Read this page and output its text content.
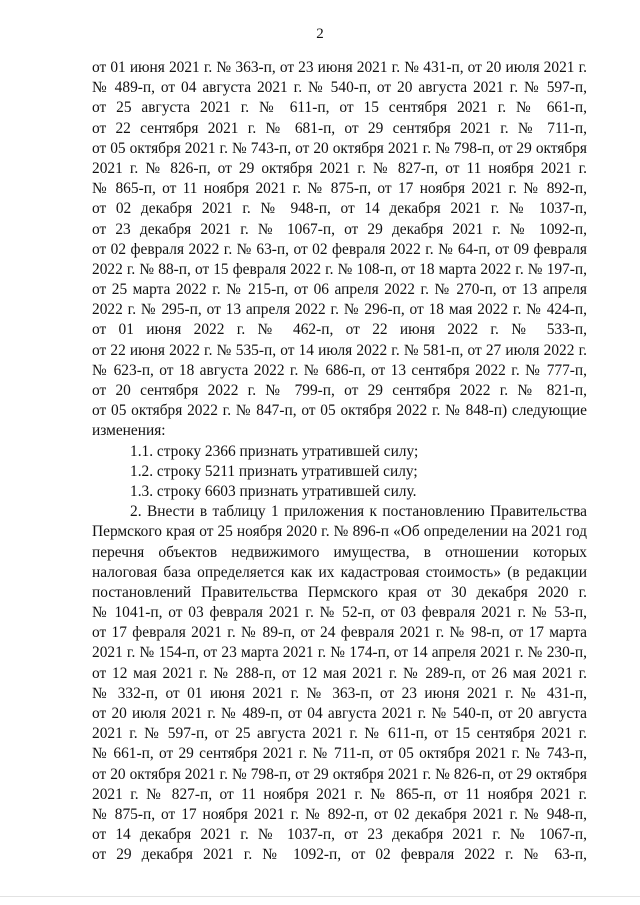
2
от 01 июня 2021 г. № 363-п, от 23 июня 2021 г. № 431-п, от 20 июля 2021 г.
№ 489-п, от 04 августа 2021 г. № 540-п, от 20 августа 2021 г. № 597-п,
от 25 августа 2021 г. № 611-п, от 15 сентября 2021 г. № 661-п,
от 22 сентября 2021 г. № 681-п, от 29 сентября 2021 г. № 711-п,
от 05 октября 2021 г. № 743-п, от 20 октября 2021 г. № 798-п, от 29 октября
2021 г. № 826-п, от 29 октября 2021 г. № 827-п, от 11 ноября 2021 г.
№ 865-п, от 11 ноября 2021 г. № 875-п, от 17 ноября 2021 г. № 892-п,
от 02 декабря 2021 г. № 948-п, от 14 декабря 2021 г. № 1037-п,
от 23 декабря 2021 г. № 1067-п, от 29 декабря 2021 г. № 1092-п,
от 02 февраля 2022 г. № 63-п, от 02 февраля 2022 г. № 64-п, от 09 февраля
2022 г. № 88-п, от 15 февраля 2022 г. № 108-п, от 18 марта 2022 г. № 197-п,
от 25 марта 2022 г. № 215-п, от 06 апреля 2022 г. № 270-п, от 13 апреля
2022 г. № 295-п, от 13 апреля 2022 г. № 296-п, от 18 мая 2022 г. № 424-п,
от 01 июня 2022 г. № 462-п, от 22 июня 2022 г. № 533-п,
от 22 июня 2022 г. № 535-п, от 14 июля 2022 г. № 581-п, от 27 июля 2022 г.
№ 623-п, от 18 августа 2022 г. № 686-п, от 13 сентября 2022 г. № 777-п,
от 20 сентября 2022 г. № 799-п, от 29 сентября 2022 г. № 821-п,
от 05 октября 2022 г. № 847-п, от 05 октября 2022 г. № 848-п) следующие
изменения:
1.1. строку 2366 признать утратившей силу;
1.2. строку 5211 признать утратившей силу;
1.3. строку 6603 признать утратившей силу.
2. Внести в таблицу 1 приложения к постановлению Правительства
Пермского края от 25 ноября 2020 г. № 896-п «Об определении на 2021 год
перечня объектов недвижимого имущества, в отношении которых
налоговая база определяется как их кадастровая стоимость» (в редакции
постановлений Правительства Пермского края от 30 декабря 2020 г.
№ 1041-п, от 03 февраля 2021 г. № 52-п, от 03 февраля 2021 г. № 53-п,
от 17 февраля 2021 г. № 89-п, от 24 февраля 2021 г. № 98-п, от 17 марта
2021 г. № 154-п, от 23 марта 2021 г. № 174-п, от 14 апреля 2021 г. № 230-п,
от 12 мая 2021 г. № 288-п, от 12 мая 2021 г. № 289-п, от 26 мая 2021 г.
№ 332-п, от 01 июня 2021 г. № 363-п, от 23 июня 2021 г. № 431-п,
от 20 июля 2021 г. № 489-п, от 04 августа 2021 г. № 540-п, от 20 августа
2021 г. № 597-п, от 25 августа 2021 г. № 611-п, от 15 сентября 2021 г.
№ 661-п, от 29 сентября 2021 г. № 711-п, от 05 октября 2021 г. № 743-п,
от 20 октября 2021 г. № 798-п, от 29 октября 2021 г. № 826-п, от 29 октября
2021 г. № 827-п, от 11 ноября 2021 г. № 865-п, от 11 ноября 2021 г.
№ 875-п, от 17 ноября 2021 г. № 892-п, от 02 декабря 2021 г. № 948-п,
от 14 декабря 2021 г. № 1037-п, от 23 декабря 2021 г. № 1067-п,
от 29 декабря 2021 г. № 1092-п, от 02 февраля 2022 г. № 63-п,
